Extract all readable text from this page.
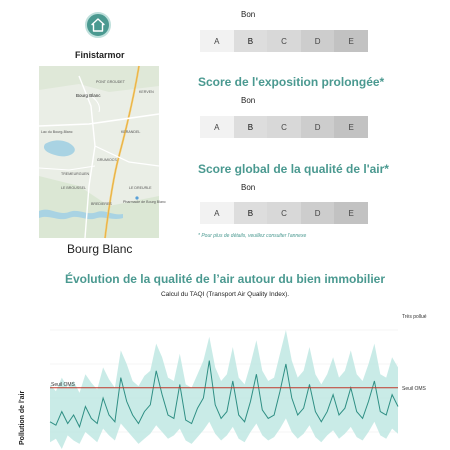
Finistarmor
PONT GROUDET
Bourg Blanc
KERVEN
Lac du Bourg-Blanc	KERANDEL
GRUMIOCS
TREMEURGUEN
LE BROUSSEL	LE DREURLE
BREDIERES	Pharmacie de Bourg Blanc
Bourg Blanc
Bon
A	B	C	D	E
Score de l'exposition prolongée*
Bon
A	B	C	D	E
Score global de la qualité de l'air*
Bon
A	B	C	D	E
* Pour plus de détails, veuillez consulter l'annexe
Évolution de la qualité de l’air autour du bien immobilier
Calcul du TAQI (Transport Air Quality Index).
Seuil OMS
Seuil OMS
Très pollué
Pollution de l'air
